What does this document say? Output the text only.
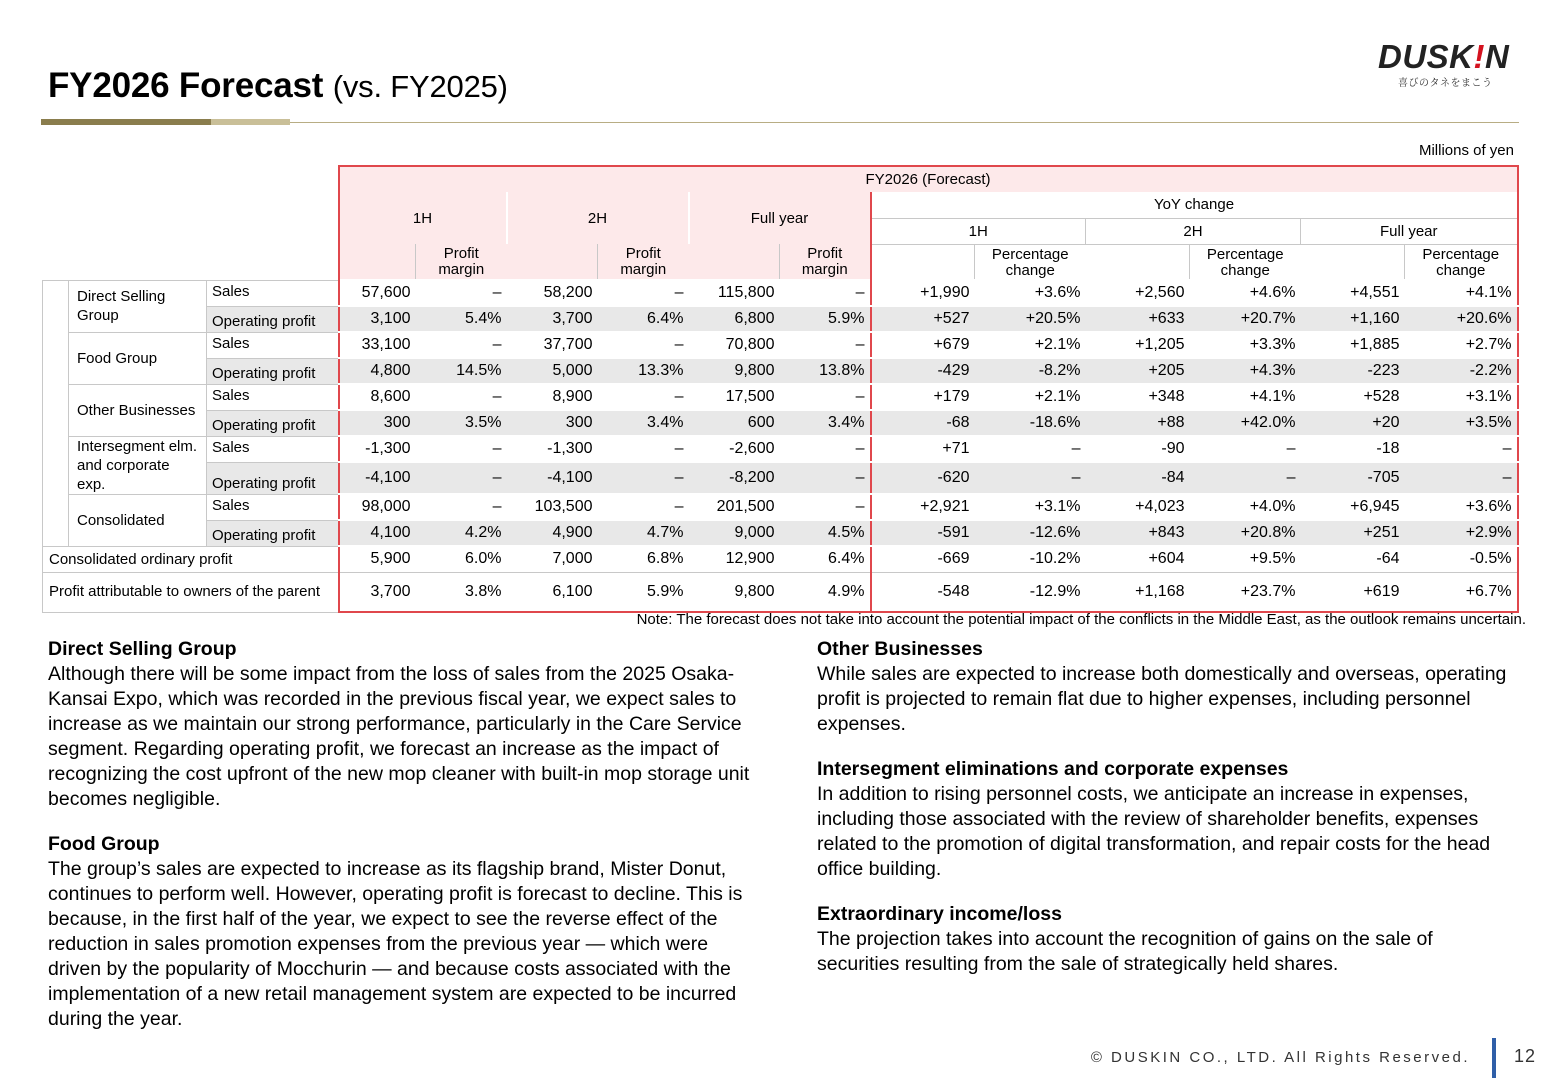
FY2026 Forecast (vs. FY2025)
DUSK!N
喜びのタネをまこう
Millions of yen
			FY2026 (Forecast)											
			1H		2H		Full year		YoY change					
									1H		2H		Full year	
				Profit margin		Profit margin		Profit margin		Percentage change		Percentage change		Percentage change
	Direct Selling Group	Sales	57,600	–	58,200	–	115,800	–	+1,990	+3.6%	+2,560	+4.6%	+4,551	+4.1%
		Operating profit	3,100	5.4%	3,700	6.4%	6,800	5.9%	+527	+20.5%	+633	+20.7%	+1,160	+20.6%
	Food Group	Sales	33,100	–	37,700	–	70,800	–	+679	+2.1%	+1,205	+3.3%	+1,885	+2.7%
		Operating profit	4,800	14.5%	5,000	13.3%	9,800	13.8%	-429	-8.2%	+205	+4.3%	-223	-2.2%
	Other Businesses	Sales	8,600	–	8,900	–	17,500	–	+179	+2.1%	+348	+4.1%	+528	+3.1%
		Operating profit	300	3.5%	300	3.4%	600	3.4%	-68	-18.6%	+88	+42.0%	+20	+3.5%
	Intersegment elm. and corporate exp.	Sales	-1,300	–	-1,300	–	-2,600	–	+71	–	-90	–	-18	–
		Operating profit	-4,100	–	-4,100	–	-8,200	–	-620	–	-84	–	-705	–
	Consolidated	Sales	98,000	–	103,500	–	201,500	–	+2,921	+3.1%	+4,023	+4.0%	+6,945	+3.6%
		Operating profit	4,100	4.2%	4,900	4.7%	9,000	4.5%	-591	-12.6%	+843	+20.8%	+251	+2.9%
Consolidated ordinary profit			5,900	6.0%	7,000	6.8%	12,900	6.4%	-669	-10.2%	+604	+9.5%	-64	-0.5%
Profit attributable to owners of the parent			3,700	3.8%	6,100	5.9%	9,800	4.9%	-548	-12.9%	+1,168	+23.7%	+619	+6.7%
Note: The forecast does not take into account the potential impact of the conflicts in the Middle East, as the outlook remains uncertain.
Direct Selling Group

Although there will be some impact from the loss of sales from the 2025 Osaka-Kansai Expo, which was recorded in the previous fiscal year, we expect sales to increase as we maintain our strong performance, particularly in the Care Service segment. Regarding operating profit, we forecast an increase as the impact of recognizing the cost upfront of the new mop cleaner with built-in mop storage unit becomes negligible.

Food Group

The group’s sales are expected to increase as its flagship brand, Mister Donut, continues to perform well. However, operating profit is forecast to decline. This is because, in the first half of the year, we expect to see the reverse effect of the reduction in sales promotion expenses from the previous year — which were driven by the popularity of Mocchurin — and because costs associated with the implementation of a new retail management system are expected to be incurred during the year.

Other Businesses

While sales are expected to increase both domestically and overseas, operating profit is projected to remain flat due to higher expenses, including personnel expenses.

Intersegment eliminations and corporate expenses

In addition to rising personnel costs, we anticipate an increase in expenses, including those associated with the review of shareholder benefits, expenses related to the promotion of digital transformation, and repair costs for the head office building.

Extraordinary income/loss

The projection takes into account the recognition of gains on the sale of securities resulting from the sale of strategically held shares.

© DUSKIN CO., LTD. All Rights Reserved. 12
